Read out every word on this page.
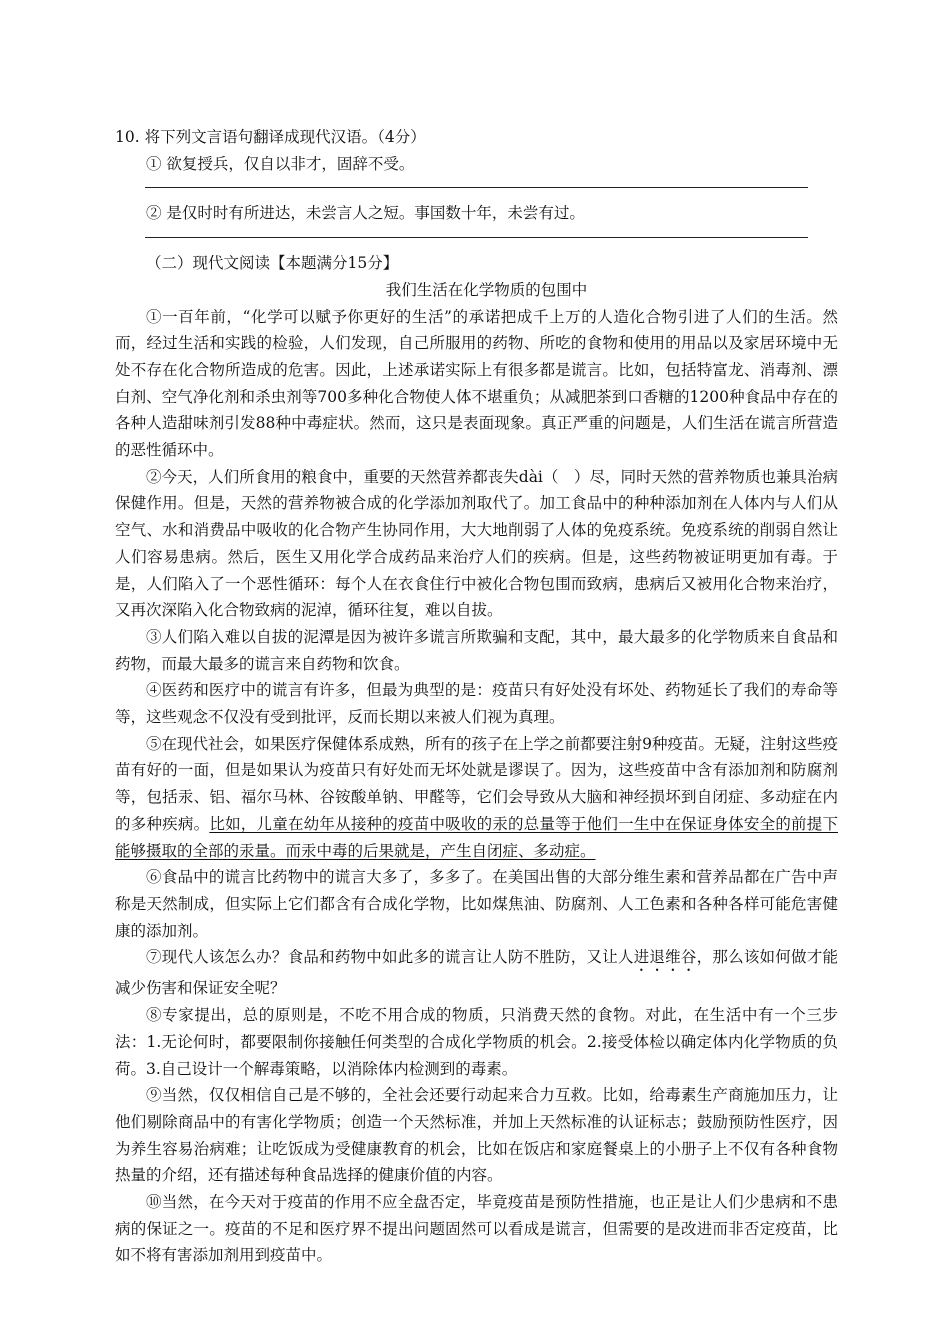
10. 将下列文言语句翻译成现代汉语。（4分）
① 欲复授兵，仅自以非才，固辞不受。
② 是仅时时有所进达，未尝言人之短。事国数十年，未尝有过。
（二）现代文阅读【本题满分15分】
我们生活在化学物质的包围中

①一百年前，“化学可以赋予你更好的生活”的承诺把成千上万的人造化合物引进了人们的生活。然而，经过生活和实践的检验，人们发现，自己所服用的药物、所吃的食物和使用的用品以及家居环境中无处不存在化合物所造成的危害。因此，上述承诺实际上有很多都是谎言。比如，包括特富龙、消毒剂、漂白剂、空气净化剂和杀虫剂等700多种化合物使人体不堪重负；从减肥茶到口香糖的1200种食品中存在的各种人造甜味剂引发88种中毒症状。然而，这只是表面现象。真正严重的问题是，人们生活在谎言所营造的恶性循环中。

②今天，人们所食用的粮食中，重要的天然营养都丧失dài（　）尽，同时天然的营养物质也兼具治病保健作用。但是，天然的营养物被合成的化学添加剂取代了。加工食品中的种种添加剂在人体内与人们从空气、水和消费品中吸收的化合物产生协同作用，大大地削弱了人体的免疫系统。免疫系统的削弱自然让人们容易患病。然后，医生又用化学合成药品来治疗人们的疾病。但是，这些药物被证明更加有毒。于是，人们陷入了一个恶性循环：每个人在衣食住行中被化合物包围而致病，患病后又被用化合物来治疗，又再次深陷入化合物致病的泥淖，循环往复，难以自拔。

③人们陷入难以自拔的泥潭是因为被许多谎言所欺骗和支配，其中，最大最多的化学物质来自食品和药物，而最大最多的谎言来自药物和饮食。

④医药和医疗中的谎言有许多，但最为典型的是：疫苗只有好处没有坏处、药物延长了我们的寿命等等，这些观念不仅没有受到批评，反而长期以来被人们视为真理。

⑤在现代社会，如果医疗保健体系成熟，所有的孩子在上学之前都要注射9种疫苗。无疑，注射这些疫苗有好的一面，但是如果认为疫苗只有好处而无坏处就是谬误了。因为，这些疫苗中含有添加剂和防腐剂等，包括汞、铝、福尔马林、谷铵酸单钠、甲醛等，它们会导致从大脑和神经损坏到自闭症、多动症在内的多种疾病。比如，儿童在幼年从接种的疫苗中吸收的汞的总量等于他们一生中在保证身体安全的前提下能够摄取的全部的汞量。而汞中毒的后果就是，产生自闭症、多动症。

⑥食品中的谎言比药物中的谎言大多了，多多了。在美国出售的大部分维生素和营养品都在广告中声称是天然制成，但实际上它们都含有合成化学物，比如煤焦油、防腐剂、人工色素和各种各样可能危害健康的添加剂。

⑦现代人该怎么办？食品和药物中如此多的谎言让人防不胜防，又让人进退维谷，那么该如何做才能减少伤害和保证安全呢？

⑧专家提出，总的原则是，不吃不用合成的物质，只消费天然的食物。对此，在生活中有一个三步法：1.无论何时，都要限制你接触任何类型的合成化学物质的机会。2.接受体检以确定体内化学物质的负荷。3.自己设计一个解毒策略，以消除体内检测到的毒素。

⑨当然，仅仅相信自己是不够的，全社会还要行动起来合力互救。比如，给毒素生产商施加压力，让他们剔除商品中的有害化学物质；创造一个天然标准，并加上天然标准的认证标志；鼓励预防性医疗，因为养生容易治病难；让吃饭成为受健康教育的机会，比如在饭店和家庭餐桌上的小册子上不仅有各种食物热量的介绍，还有描述每种食品选择的健康价值的内容。

⑩当然，在今天对于疫苗的作用不应全盘否定，毕竟疫苗是预防性措施，也正是让人们少患病和不患病的保证之一。疫苗的不足和医疗界不提出问题固然可以看成是谎言，但需要的是改进而非否定疫苗，比如不将有害添加剂用到疫苗中。
